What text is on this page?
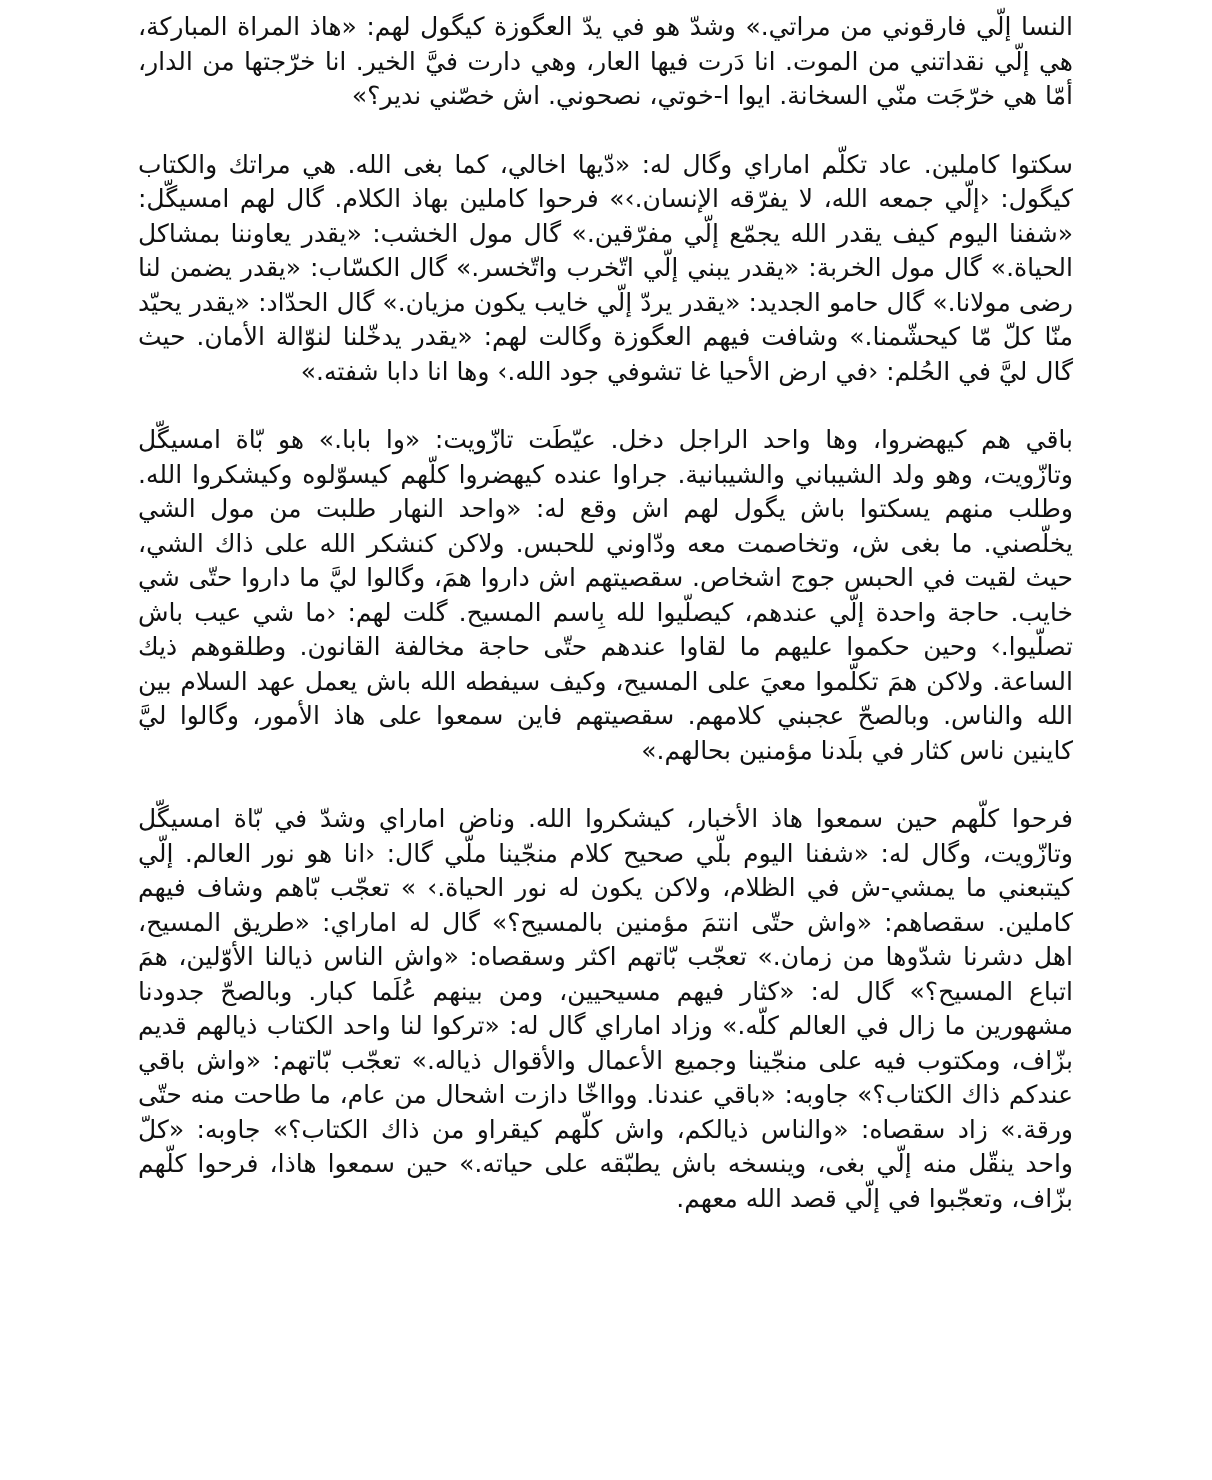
النسا إلّي فارقوني من مراتي.» وشدّ هو في يدّ العگوزة كيگول لهم: «هاذ المراة المباركة، هي إلّي نقداتني من الموت. انا دَرت فيها العار، وهي دارت فيَّ الخير. انا خرّجتها من الدار، أمّا هي خرّجَت منّي السخانة. ايوا ا-خوتي، نصحوني. اش خصّني ندير؟»

سكتوا كاملين. عاد تكلّم اماراي وگال له: «دّيها اخالي، كما بغى الله. هي مراتك والكتاب كيگول: ‹إلّي جمعه الله، لا يفرّقه الإنسان.›» فرحوا كاملين بهاذ الكلام. گال لهم امسيگّل: «شفنا اليوم كيف يقدر الله يجمّع إلّي مفرّقين.» گال مول الخشب: «يقدر يعاوننا بمشاكل الحياة.» گال مول الخربة: «يقدر يبني إلّي اتّخرب واتّخسر.» گال الكسّاب: «يقدر يضمن لنا رضى مولانا.» گال حامو الجديد: «يقدر يردّ إلّي خايب يكون مزيان.» گال الحدّاد: «يقدر يحيّد منّا كلّ مّا كيحشّمنا.» وشافت فيهم العگوزة وگالت لهم: «يقدر يدخّلنا لنوّالة الأمان. حيث گال ليَّ في الحُلم: ‹في ارض الأحيا غا تشوفي جود الله.› وها انا دابا شفته.»

باقي هم كيهضروا، وها واحد الراجل دخل. عيّطَت تازّويت: «وا بابا.» هو بّاة امسيگّل وتازّويت، وهو ولد الشيباني والشيبانية. جراوا عنده كيهضروا كلّهم كيسوّلوه وكيشكروا الله. وطلب منهم يسكتوا باش يگول لهم اش وقع له: «واحد النهار طلبت من مول الشي يخلّصني. ما بغى ش، وتخاصمت معه ودّاوني للحبس. ولاكن كنشكر الله على ذاك الشي، حيث لقيت في الحبس جوج اشخاص. سقصيتهم اش داروا همَ، وگالوا ليَّ ما داروا حتّى شي خايب. حاجة واحدة إلّي عندهم، كيصلّيوا لله بِاسم المسيح. گلت لهم: ‹ما شي عيب باش تصلّيوا.› وحين حكموا عليهم ما لقاوا عندهم حتّى حاجة مخالفة القانون. وطلقوهم ذيك الساعة. ولاكن همَ تكلّموا معيَ على المسيح، وكيف سيفطه الله باش يعمل عهد السلام بين الله والناس. وبالصحّ عجبني كلامهم. سقصيتهم فاين سمعوا على هاذ الأمور، وگالوا ليَّ كاينين ناس كثار في بلَدنا مؤمنين بحالهم.»

فرحوا كلّهم حين سمعوا هاذ الأخبار، كيشكروا الله. وناض اماراي وشدّ في بّاة امسيگّل وتازّويت، وگال له: «شفنا اليوم بلّي صحيح كلام منجّينا ملّي گال: ‹انا هو نور العالم. إلّي كيتبعني ما يمشي-ش في الظلام، ولاكن يكون له نور الحياة.› » تعجّب بّاهم وشاف فيهم كاملين. سقصاهم: «واش حتّى انتمَ مؤمنين بالمسيح؟» گال له اماراي: «طريق المسيح، اهل دشرنا شدّوها من زمان.» تعجّب بّاتهم اكثر وسقصاه: «واش الناس ذيالنا الأوّلين، همَ اتباع المسيح؟» گال له: «كثار فيهم مسيحيين، ومن بينهم عُلَما كبار. وبالصحّ جدودنا مشهورين ما زال في العالم كلّه.» وزاد اماراي گال له: «تركوا لنا واحد الكتاب ذيالهم قديم بزّاف، ومكتوب فيه على منجّينا وجميع الأعمال والأقوال ذياله.» تعجّب بّاتهم: «واش باقي عندكم ذاك الكتاب؟» جاوبه: «باقي عندنا. ووااخّا دازت اشحال من عام، ما طاحت منه حتّى ورقة.» زاد سقصاه: «والناس ذيالكم، واش كلّهم كيقراو من ذاك الكتاب؟» جاوبه: «كلّ واحد ينقّل منه إلّي بغى، وينسخه باش يطبّقه على حياته.» حين سمعوا هاذا، فرحوا كلّهم بزّاف، وتعجّبوا في إلّي قصد الله معهم.
